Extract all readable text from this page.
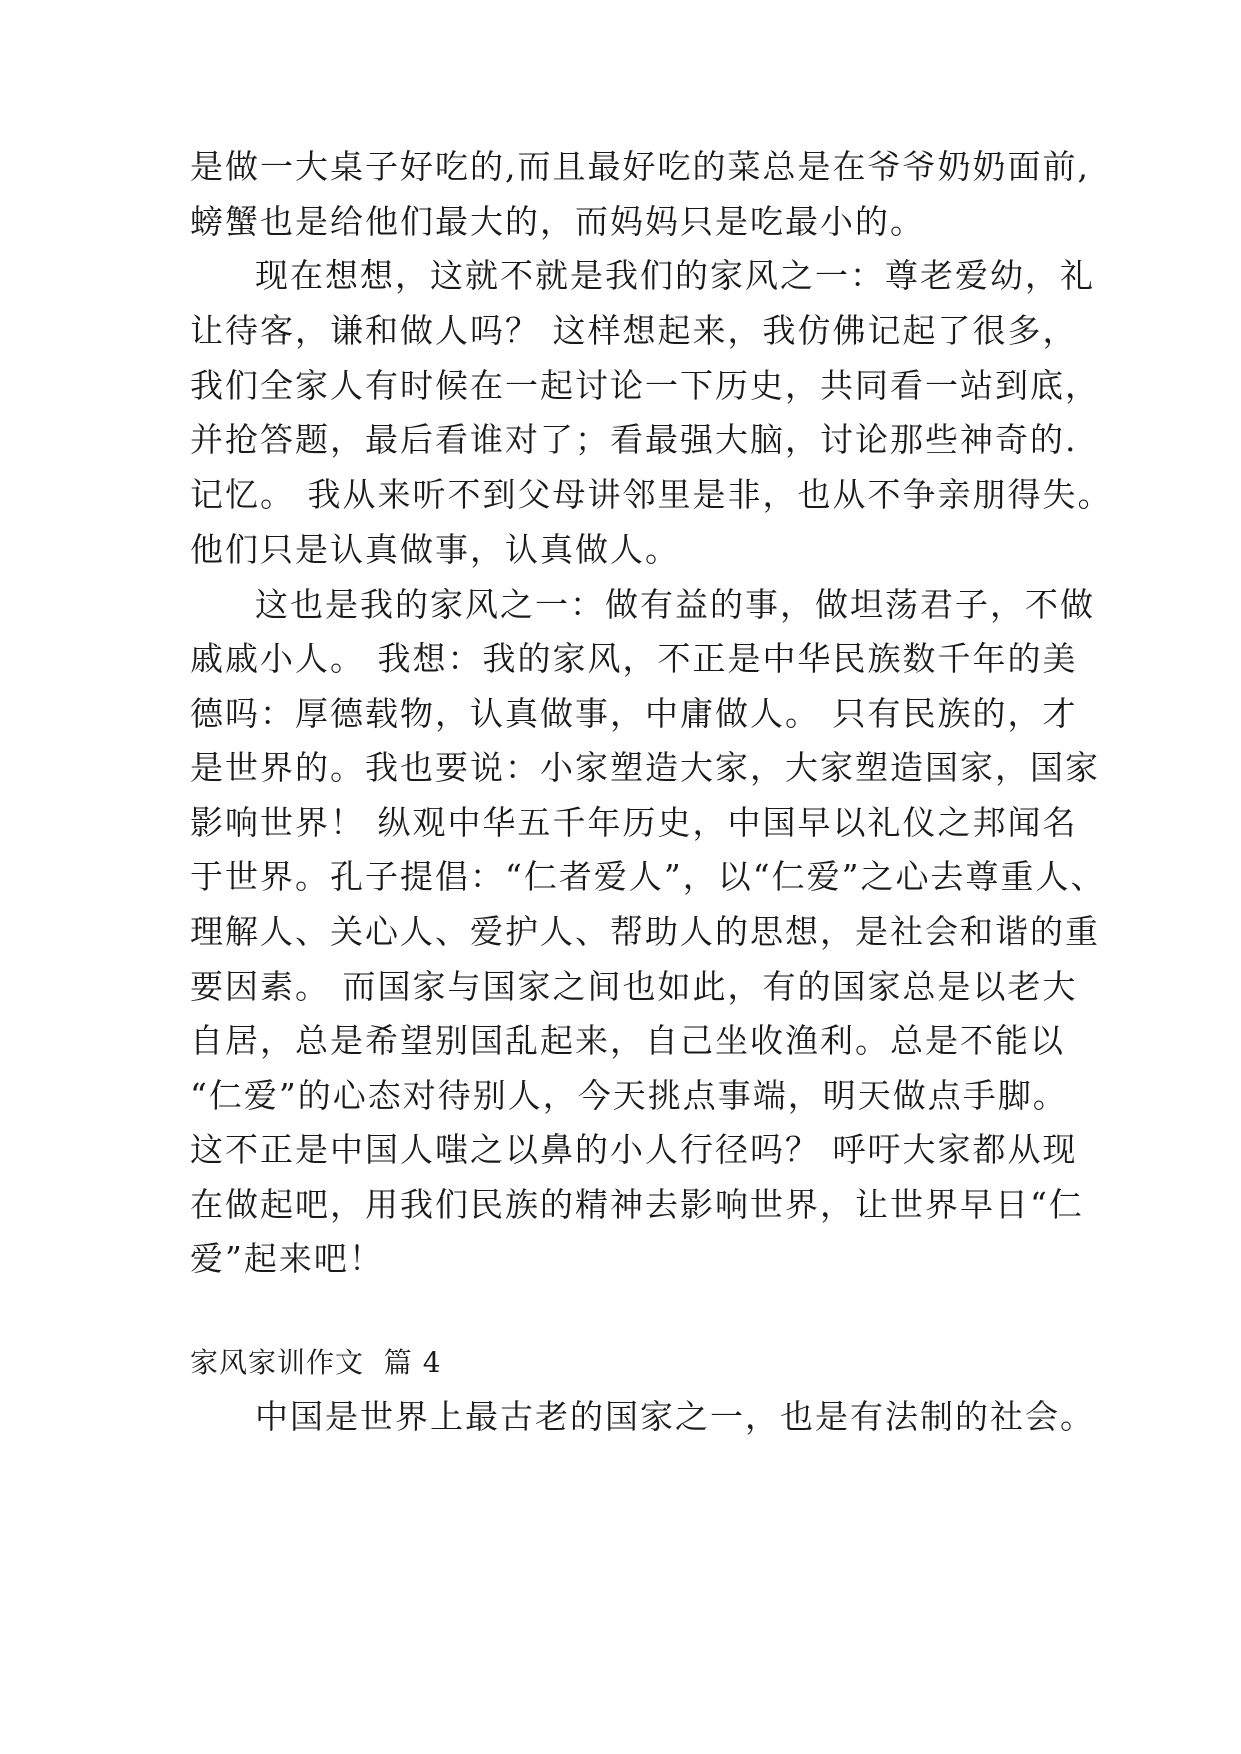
是做一大桌子好吃的,而且最好吃的菜总是在爷爷奶奶面前,
螃蟹也是给他们最大的，而妈妈只是吃最小的。
现在想想，这就不就是我们的家风之一：尊老爱幼，礼
让待客，谦和做人吗？ 这样想起来，我仿佛记起了很多，
我们全家人有时候在一起讨论一下历史，共同看一站到底，
并抢答题，最后看谁对了；看最强大脑，讨论那些神奇的.
记忆。 我从来听不到父母讲邻里是非，也从不争亲朋得失。
他们只是认真做事，认真做人。
这也是我的家风之一：做有益的事，做坦荡君子，不做
戚戚小人。 我想：我的家风，不正是中华民族数千年的美
德吗：厚德载物，认真做事，中庸做人。 只有民族的，才
是世界的。我也要说：小家塑造大家，大家塑造国家，国家
影响世界！ 纵观中华五千年历史，中国早以礼仪之邦闻名
于世界。孔子提倡：“仁者爱人”，以“仁爱”之心去尊重人、
理解人、关心人、爱护人、帮助人的思想，是社会和谐的重
要因素。 而国家与国家之间也如此，有的国家总是以老大
自居，总是希望别国乱起来，自己坐收渔利。总是不能以
“仁爱”的心态对待别人，今天挑点事端，明天做点手脚。
这不正是中国人嗤之以鼻的小人行径吗？ 呼吁大家都从现
在做起吧，用我们民族的精神去影响世界，让世界早日“仁
爱”起来吧！
家风家训作文  篇 4
中国是世界上最古老的国家之一，也是有法制的社会。
